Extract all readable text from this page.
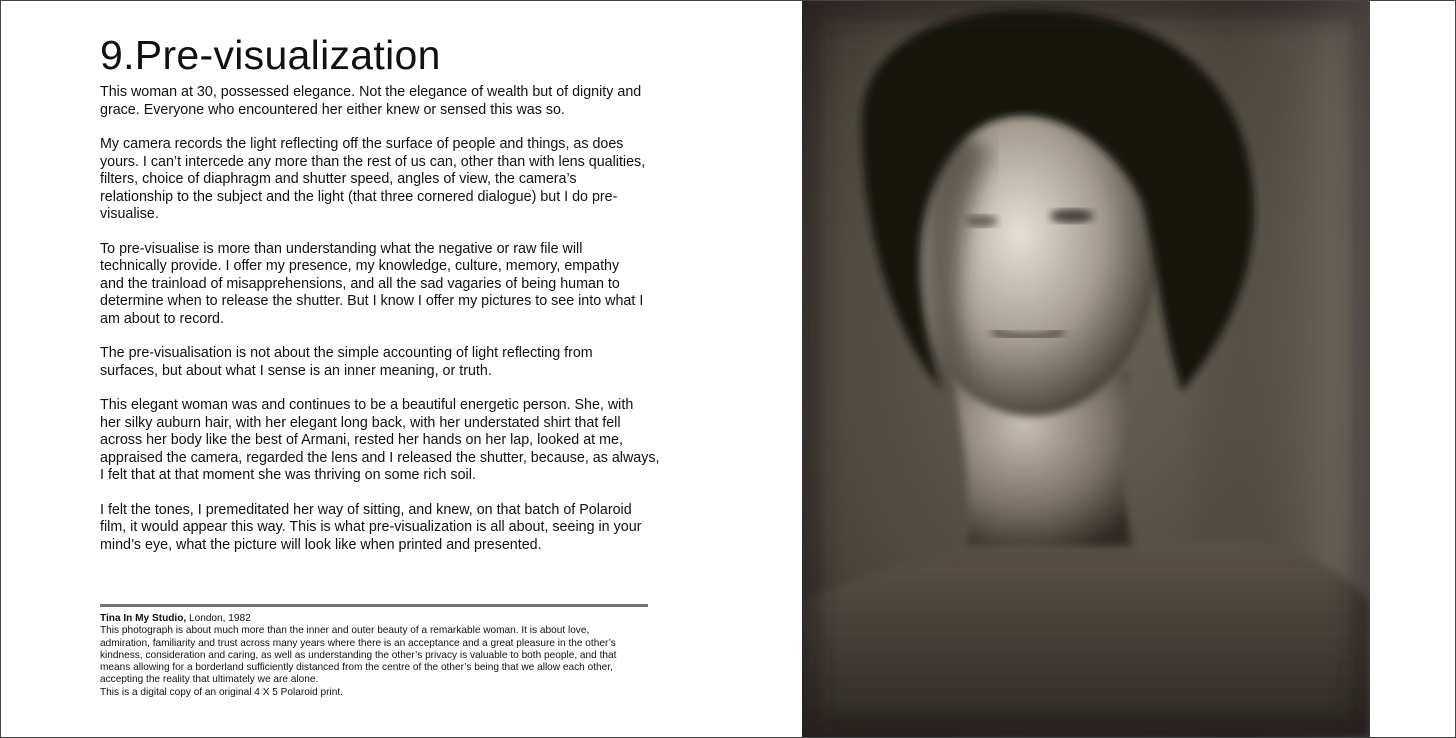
9.Pre-visualization

This woman at 30, possessed elegance. Not the elegance of wealth but of dignity and
grace. Everyone who encountered her either knew or sensed this was so.

My camera records the light reflecting off the surface of people and things, as does
yours. I can’t intercede any more than the rest of us can, other than with lens qualities,
filters, choice of diaphragm and shutter speed, angles of view, the camera’s
relationship to the subject and the light (that three cornered dialogue) but I do pre-
visualise.

To pre-visualise is more than understanding what the negative or raw file will
technically provide. I offer my presence, my knowledge, culture, memory, empathy
and the trainload of misapprehensions, and all the sad vagaries of being human to
determine when to release the shutter. But I know I offer my pictures to see into what I
am about to record.

The pre-visualisation is not about the simple accounting of light reflecting from
surfaces, but about what I sense is an inner meaning, or truth.

This elegant woman was and continues to be a beautiful energetic person. She, with
her silky auburn hair, with her elegant long back, with her understated shirt that fell
across her body like the best of Armani, rested her hands on her lap, looked at me,
appraised the camera, regarded the lens and I released the shutter, because, as always,
I felt that at that moment she was thriving on some rich soil.

I felt the tones, I premeditated her way of sitting, and knew, on that batch of Polaroid
film, it would appear this way. This is what pre-visualization is all about, seeing in your
mind’s eye, what the picture will look like when printed and presented.

Tina In My Studio, London, 1982

This photograph is about much more than the inner and outer beauty of a remarkable woman. It is about love,
admiration, familiarity and trust across many years where there is an acceptance and a great pleasure in the other’s
kindness, consideration and caring, as well as understanding the other’s privacy is valuable to both people, and that
means allowing for a borderland sufficiently distanced from the centre of the other’s being that we allow each other,
accepting the reality that ultimately we are alone.

This is a digital copy of an original 4 X 5 Polaroid print.
